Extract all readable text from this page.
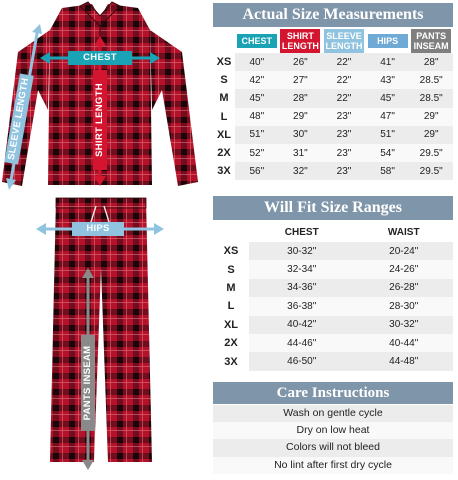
CHEST
SHIRT LENGTH
SLEEVE LENGTH
HIPS
PANTS INSEAM
Actual Size Measurements
	CHEST	SHIRT LENGTH	SLEEVE LENGTH	HIPS	PANTS INSEAM
XS	40"	26"	22"	41"	28"
S	42"	27"	22"	43"	28.5"
M	45"	28"	22"	45"	28.5"
L	48"	29"	23"	47"	29"
XL	51"	30"	23"	51"	29"
2X	52"	31"	23"	54"	29.5"
3X	56"	32"	23"	58"	29.5"
Will Fit Size Ranges
	CHEST	WAIST
XS	30-32"	20-24"
S	32-34"	24-26"
M	34-36"	26-28"
L	36-38"	28-30"
XL	40-42"	30-32"
2X	44-46"	40-44"
3X	46-50"	44-48"
Care Instructions
Wash on gentle cycle
Dry on low heat
Colors will not bleed
No lint after first dry cycle
